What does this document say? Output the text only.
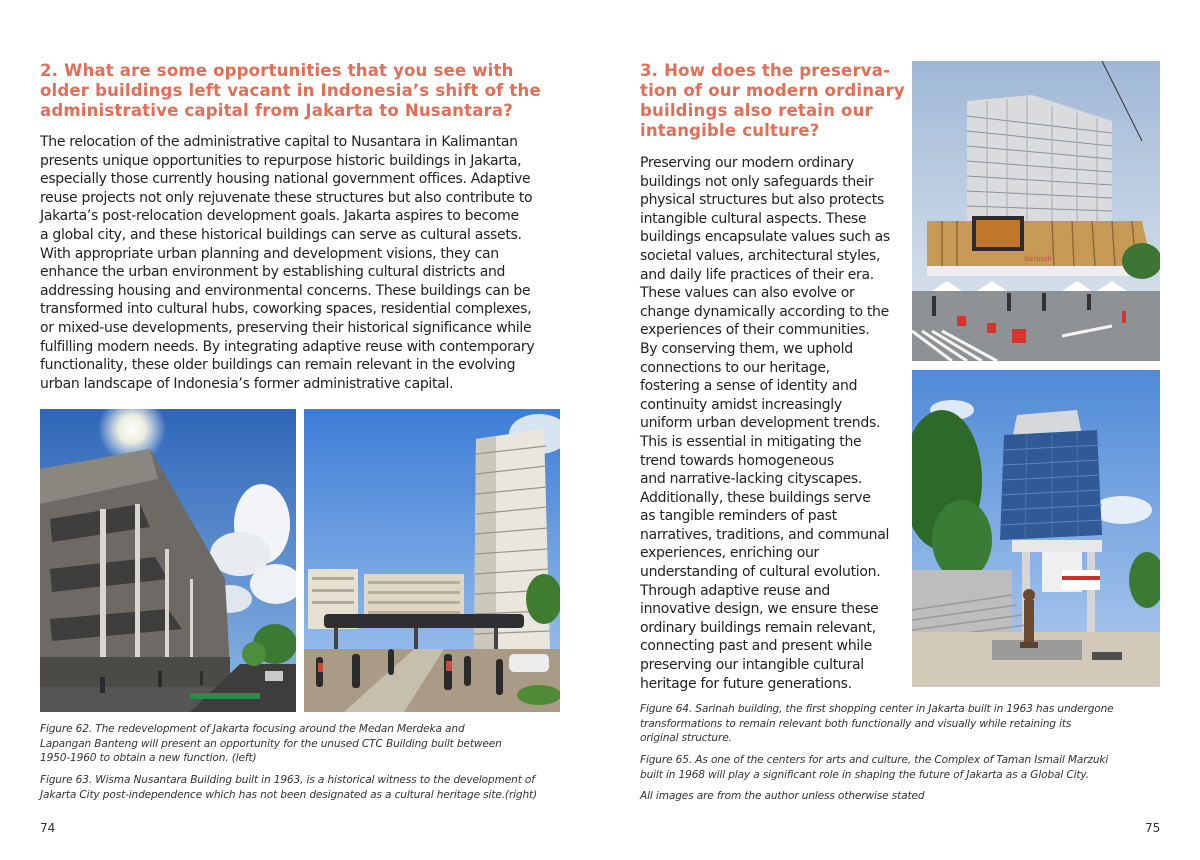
2. What are some opportunities that you see with older buildings left vacant in Indonesia’s shift of the administrative capital from Jakarta to Nusantara?

The relocation of the administrative capital to Nusantara in Kalimantan
presents unique opportunities to repurpose historic buildings in Jakarta,
especially those currently housing national government offices. Adaptive
reuse projects not only rejuvenate these structures but also contribute to
Jakarta’s post-relocation development goals. Jakarta aspires to become
a global city, and these historical buildings can serve as cultural assets.
With appropriate urban planning and development visions, they can
enhance the urban environment by establishing cultural districts and
addressing housing and environmental concerns. These buildings can be
transformed into cultural hubs, coworking spaces, residential complexes,
or mixed-use developments, preserving their historical significance while
fulfilling modern needs. By integrating adaptive reuse with contemporary
functionality, these older buildings can remain relevant in the evolving
urban landscape of Indonesia’s former administrative capital.

Figure 62. The redevelopment of Jakarta focusing around the Medan Merdeka and
Lapangan Banteng will present an opportunity for the unused CTC Building built between
1950-1960 to obtain a new function. (left)

Figure 63. Wisma Nusantara Building built in 1963, is a historical witness to the development of
Jakarta City post-independence which has not been designated as a cultural heritage site.(right)

74
3. How does the preserva-
tion of our modern ordinary
buildings also retain our
intangible culture?

Preserving our modern ordinary
buildings not only safeguards their
physical structures but also protects
intangible cultural aspects. These
buildings encapsulate values such as
societal values, architectural styles,
and daily life practices of their era.
These values can also evolve or
change dynamically according to the
experiences of their communities.
By conserving them, we uphold
connections to our heritage,
fostering a sense of identity and
continuity amidst increasingly
uniform urban development trends.
This is essential in mitigating the
trend towards homogeneous
and narrative-lacking cityscapes.
Additionally, these buildings serve
as tangible reminders of past
narratives, traditions, and communal
experiences, enriching our
understanding of cultural evolution.
Through adaptive reuse and
innovative design, we ensure these
ordinary buildings remain relevant,
connecting past and present while
preserving our intangible cultural
heritage for future generations.

Sarinah

Figure 64. Sarinah building, the first shopping center in Jakarta built in 1963 has undergone
transformations to remain relevant both functionally and visually while retaining its
original structure.

Figure 65. As one of the centers for arts and culture, the Complex of Taman Ismail Marzuki
built in 1968 will play a significant role in shaping the future of Jakarta as a Global City.

All images are from the author unless otherwise stated

75
